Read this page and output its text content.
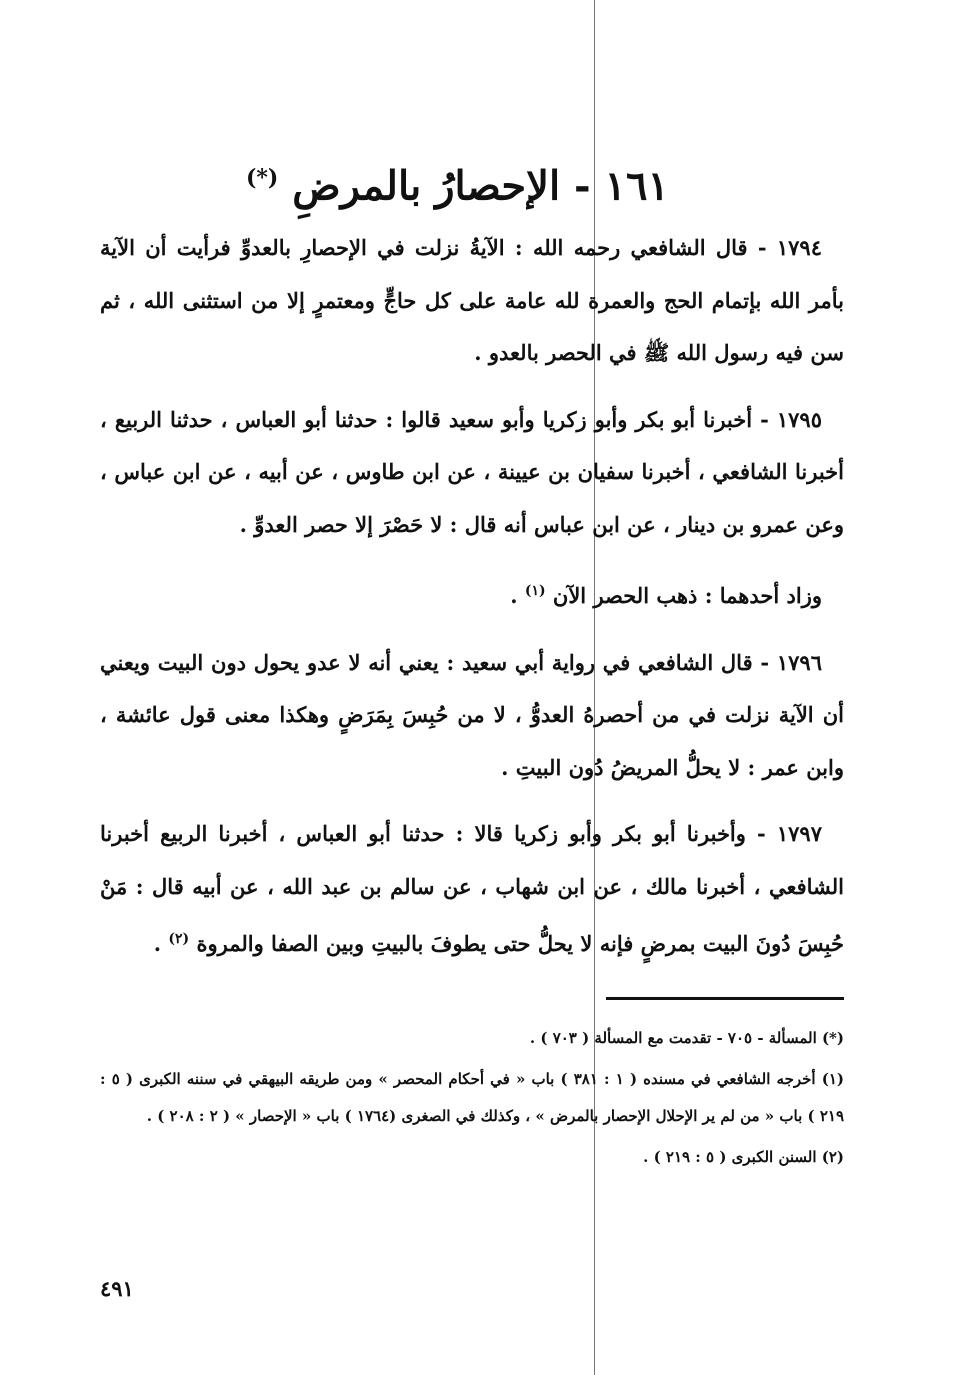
١٦١ - الإحصارُ بالمرضِ (*)

١٧٩٤ - قال الشافعي رحمه الله : الآيةُ نزلت في الإحصارِ بالعدوِّ فرأيت أن الآية بأمر الله بإتمام الحج والعمرة لله عامة على كل حاجٍّ ومعتمرٍ إلا من استثنى الله ، ثم سن فيه رسول الله ﷺ في الحصر بالعدو .

١٧٩٥ - أخبرنا أبو بكر وأبو زكريا وأبو سعيد قالوا : حدثنا أبو العباس ، حدثنا الربيع ، أخبرنا الشافعي ، أخبرنا سفيان بن عيينة ، عن ابن طاوس ، عن أبيه ، عن ابن عباس ، وعن عمرو بن دينار ، عن ابن عباس أنه قال : لا حَصْرَ إلا حصر العدوِّ .

وزاد أحدهما : ذهب الحصر الآن $^{(١)}$ .

١٧٩٦ - قال الشافعي في رواية أبي سعيد : يعني أنه لا عدو يحول دون البيت ويعني أن الآية نزلت في من أحصرهُ العدوُّ ، لا من حُبِسَ بِمَرَضٍ وهكذا معنى قول عائشة ، وابن عمر : لا يحلُّ المريضُ دُون البيتِ .

١٧٩٧ - وأخبرنا أبو بكر وأبو زكريا قالا : حدثنا أبو العباس ، أخبرنا الربيع أخبرنا الشافعي ، أخبرنا مالك ، عن ابن شهاب ، عن سالم بن عبد الله ، عن أبيه قال : مَنْ حُبِسَ دُونَ البيت بمرضٍ فإنه لا يحلُّ حتى يطوفَ بالبيتِ وبين الصفا والمروة $^{(٢)}$ .

(*) المسألة - ٧٠٥ - تقدمت مع المسألة ( ٧٠٣ ) .

(١) أخرجه الشافعي في مسنده ( ١ : ٣٨١ ) باب « في أحكام المحصر » ومن طريقه البيهقي في سننه الكبرى ( ٥ : ٢١٩ ) باب « من لم ير الإحلال الإحصار بالمرض » ، وكذلك في الصغرى (١٧٦٤ ) باب « الإحصار » ( ٢ : ٢٠٨ ) .

(٢) السنن الكبرى ( ٥ : ٢١٩ ) .

٤٩١
